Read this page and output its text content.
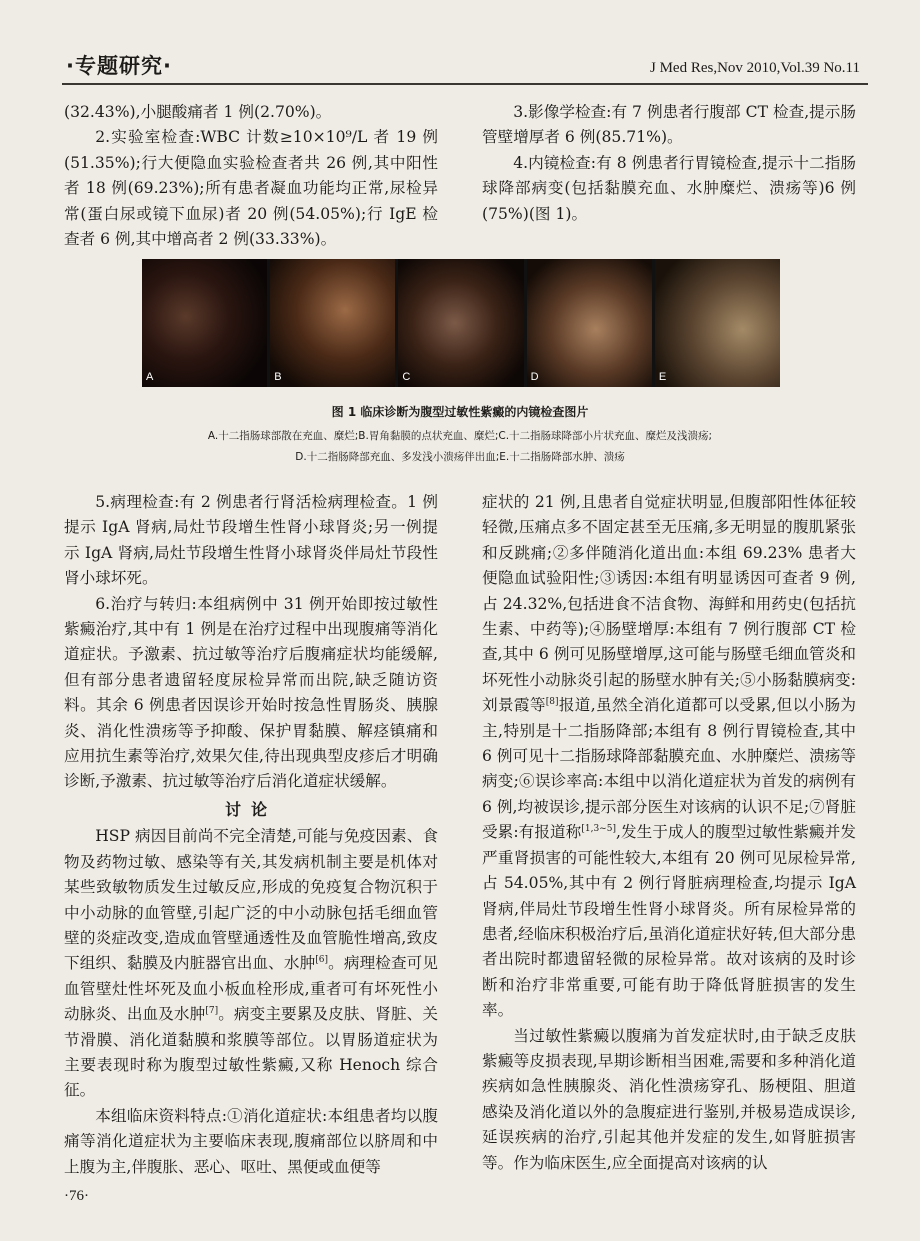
·专题研究·	J Med Res,Nov 2010,Vol.39 No.11

(32.43%),小腿酸痛者 1 例(2.70%)。

2.实验室检查:WBC 计数≥10×10⁹/L 者 19 例(51.35%);行大便隐血实验检查者共 26 例,其中阳性者 18 例(69.23%);所有患者凝血功能均正常,尿检异常(蛋白尿或镜下血尿)者 20 例(54.05%);行 IgE 检查者 6 例,其中增高者 2 例(33.33%)。

3.影像学检查:有 7 例患者行腹部 CT 检查,提示肠管壁增厚者 6 例(85.71%)。

4.内镜检查:有 8 例患者行胃镜检查,提示十二指肠球降部病变(包括黏膜充血、水肿糜烂、溃疡等)6 例(75%)(图 1)。

A	B	C	D	E
图 1 临床诊断为腹型过敏性紫癜的内镜检查图片
A.十二指肠球部散在充血、糜烂;B.胃角黏膜的点状充血、糜烂;C.十二指肠球降部小片状充血、糜烂及浅溃疡;
D.十二指肠降部充血、多发浅小溃疡伴出血;E.十二指肠降部水肿、溃疡

5.病理检查:有 2 例患者行肾活检病理检查。1 例提示 IgA 肾病,局灶节段增生性肾小球肾炎;另一例提示 IgA 肾病,局灶节段增生性肾小球肾炎伴局灶节段性肾小球坏死。

6.治疗与转归:本组病例中 31 例开始即按过敏性紫癜治疗,其中有 1 例是在治疗过程中出现腹痛等消化道症状。予激素、抗过敏等治疗后腹痛症状均能缓解,但有部分患者遗留轻度尿检异常而出院,缺乏随访资料。其余 6 例患者因误诊开始时按急性胃肠炎、胰腺炎、消化性溃疡等予抑酸、保护胃黏膜、解痉镇痛和应用抗生素等治疗,效果欠佳,待出现典型皮疹后才明确诊断,予激素、抗过敏等治疗后消化道症状缓解。

讨论

HSP 病因目前尚不完全清楚,可能与免疫因素、食物及药物过敏、感染等有关,其发病机制主要是机体对某些致敏物质发生过敏反应,形成的免疫复合物沉积于中小动脉的血管壁,引起广泛的中小动脉包括毛细血管壁的炎症改变,造成血管壁通透性及血管脆性增高,致皮下组织、黏膜及内脏器官出血、水肿[6]。病理检查可见血管壁灶性坏死及血小板血栓形成,重者可有坏死性小动脉炎、出血及水肿[7]。病变主要累及皮肤、肾脏、关节滑膜、消化道黏膜和浆膜等部位。以胃肠道症状为主要表现时称为腹型过敏性紫癜,又称 Henoch 综合征。

本组临床资料特点:①消化道症状:本组患者均以腹痛等消化道症状为主要临床表现,腹痛部位以脐周和中上腹为主,伴腹胀、恶心、呕吐、黑便或血便等

症状的 21 例,且患者自觉症状明显,但腹部阳性体征较轻微,压痛点多不固定甚至无压痛,多无明显的腹肌紧张和反跳痛;②多伴随消化道出血:本组 69.23% 患者大便隐血试验阳性;③诱因:本组有明显诱因可查者 9 例,占 24.32%,包括进食不洁食物、海鲜和用药史(包括抗生素、中药等);④肠壁增厚:本组有 7 例行腹部 CT 检查,其中 6 例可见肠壁增厚,这可能与肠壁毛细血管炎和坏死性小动脉炎引起的肠壁水肿有关;⑤小肠黏膜病变:刘景霞等[8]报道,虽然全消化道都可以受累,但以小肠为主,特别是十二指肠降部;本组有 8 例行胃镜检查,其中 6 例可见十二指肠球降部黏膜充血、水肿糜烂、溃疡等病变;⑥误诊率高:本组中以消化道症状为首发的病例有 6 例,均被误诊,提示部分医生对该病的认识不足;⑦肾脏受累:有报道称[1,3~5],发生于成人的腹型过敏性紫癜并发严重肾损害的可能性较大,本组有 20 例可见尿检异常,占 54.05%,其中有 2 例行肾脏病理检查,均提示 IgA 肾病,伴局灶节段增生性肾小球肾炎。所有尿检异常的患者,经临床积极治疗后,虽消化道症状好转,但大部分患者出院时都遗留轻微的尿检异常。故对该病的及时诊断和治疗非常重要,可能有助于降低肾脏损害的发生率。

当过敏性紫癜以腹痛为首发症状时,由于缺乏皮肤紫癜等皮损表现,早期诊断相当困难,需要和多种消化道疾病如急性胰腺炎、消化性溃疡穿孔、肠梗阻、胆道感染及消化道以外的急腹症进行鉴别,并极易造成误诊,延误疾病的治疗,引起其他并发症的发生,如肾脏损害等。作为临床医生,应全面提高对该病的认

·76·
